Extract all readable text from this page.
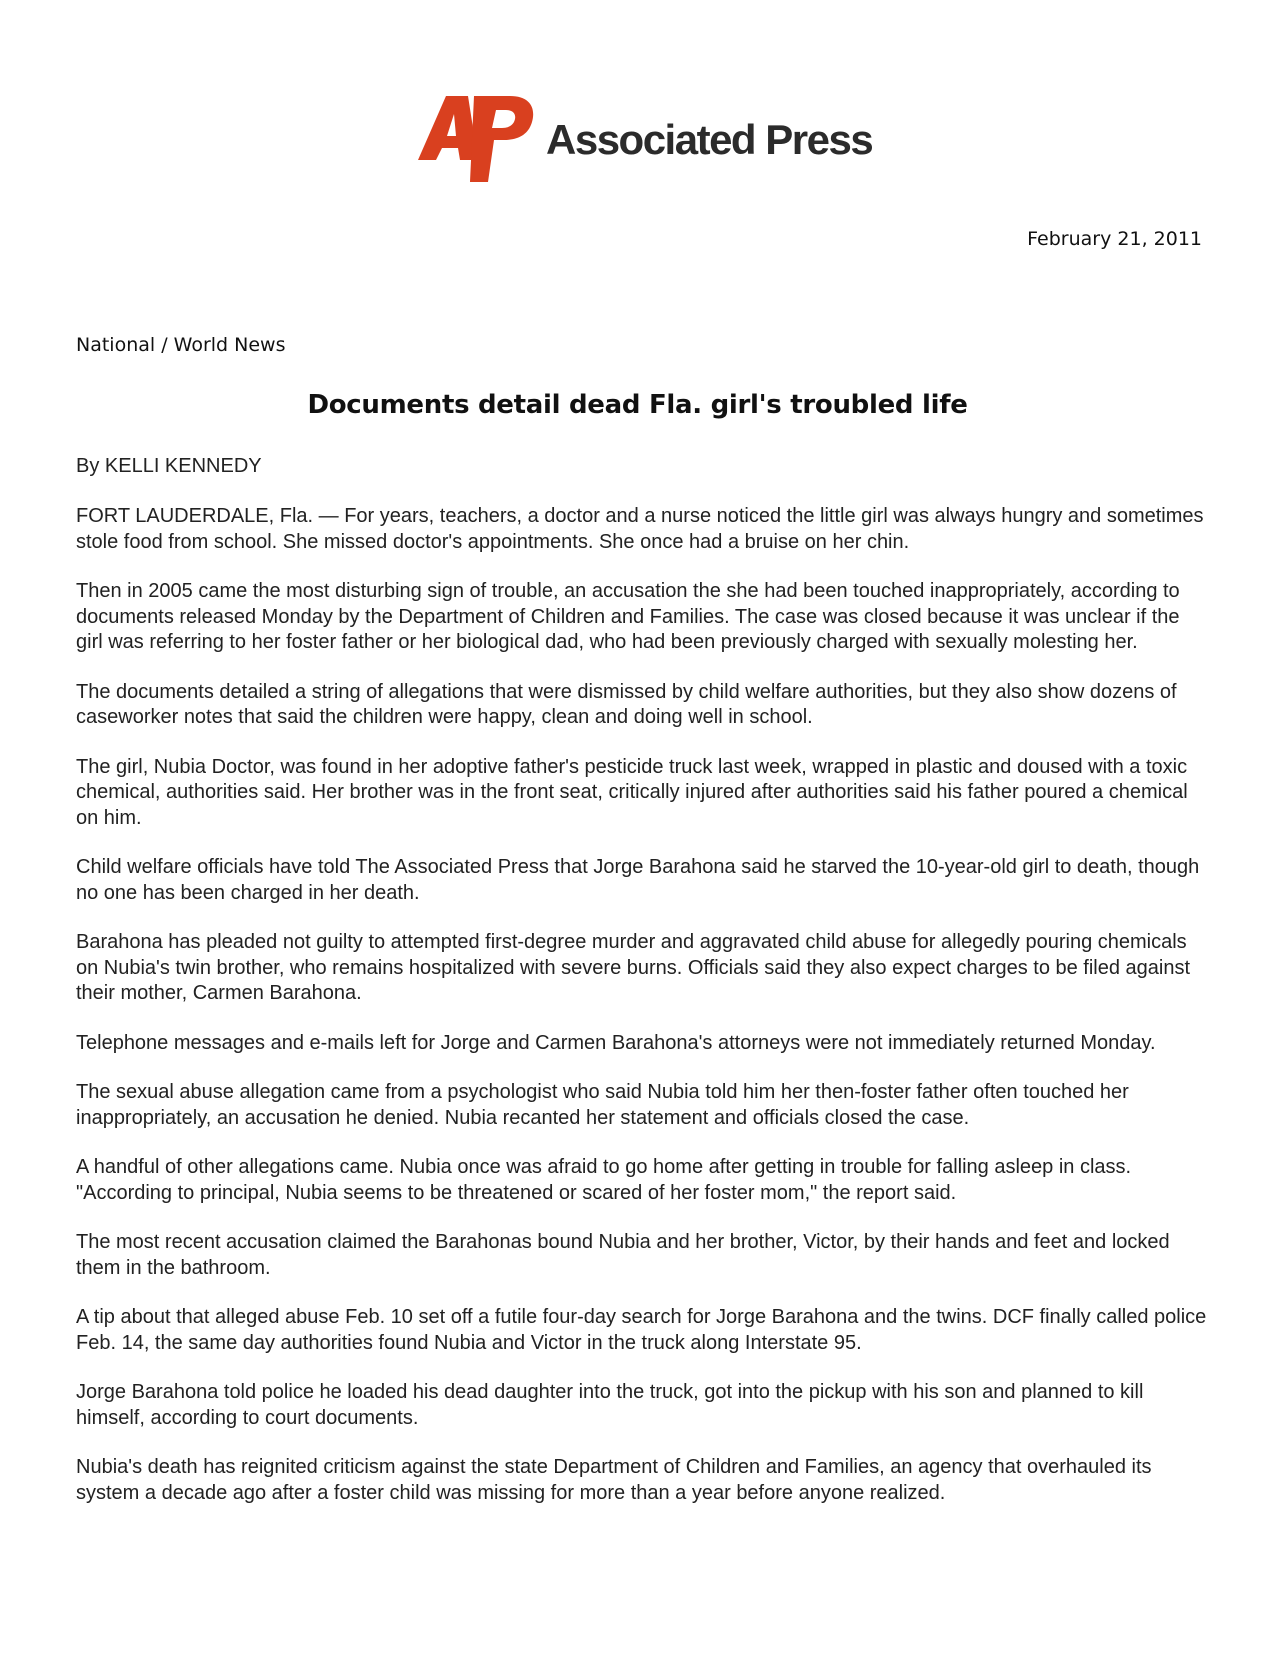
Associated Press
February 21, 2011
National / World News
Documents detail dead Fla. girl's troubled life
By KELLI KENNEDY

FORT LAUDERDALE, Fla. — For years, teachers, a doctor and a nurse noticed the little girl was always hungry and sometimes stole food from school. She missed doctor's appointments. She once had a bruise on her chin.

Then in 2005 came the most disturbing sign of trouble, an accusation the she had been touched inappropriately, according to documents released Monday by the Department of Children and Families. The case was closed because it was unclear if the girl was referring to her foster father or her biological dad, who had been previously charged with sexually molesting her.

The documents detailed a string of allegations that were dismissed by child welfare authorities, but they also show dozens of caseworker notes that said the children were happy, clean and doing well in school.

The girl, Nubia Doctor, was found in her adoptive father's pesticide truck last week, wrapped in plastic and doused with a toxic chemical, authorities said. Her brother was in the front seat, critically injured after authorities said his father poured a chemical on him.

Child welfare officials have told The Associated Press that Jorge Barahona said he starved the 10-year-old girl to death, though no one has been charged in her death.

Barahona has pleaded not guilty to attempted first-degree murder and aggravated child abuse for allegedly pouring chemicals on Nubia's twin brother, who remains hospitalized with severe burns. Officials said they also expect charges to be filed against their mother, Carmen Barahona.

Telephone messages and e-mails left for Jorge and Carmen Barahona's attorneys were not immediately returned Monday.

The sexual abuse allegation came from a psychologist who said Nubia told him her then-foster father often touched her inappropriately, an accusation he denied. Nubia recanted her statement and officials closed the case.

A handful of other allegations came. Nubia once was afraid to go home after getting in trouble for falling asleep in class. "According to principal, Nubia seems to be threatened or scared of her foster mom," the report said.

The most recent accusation claimed the Barahonas bound Nubia and her brother, Victor, by their hands and feet and locked them in the bathroom.

A tip about that alleged abuse Feb. 10 set off a futile four-day search for Jorge Barahona and the twins. DCF finally called police Feb. 14, the same day authorities found Nubia and Victor in the truck along Interstate 95.

Jorge Barahona told police he loaded his dead daughter into the truck, got into the pickup with his son and planned to kill himself, according to court documents.

Nubia's death has reignited criticism against the state Department of Children and Families, an agency that overhauled its system a decade ago after a foster child was missing for more than a year before anyone realized.
